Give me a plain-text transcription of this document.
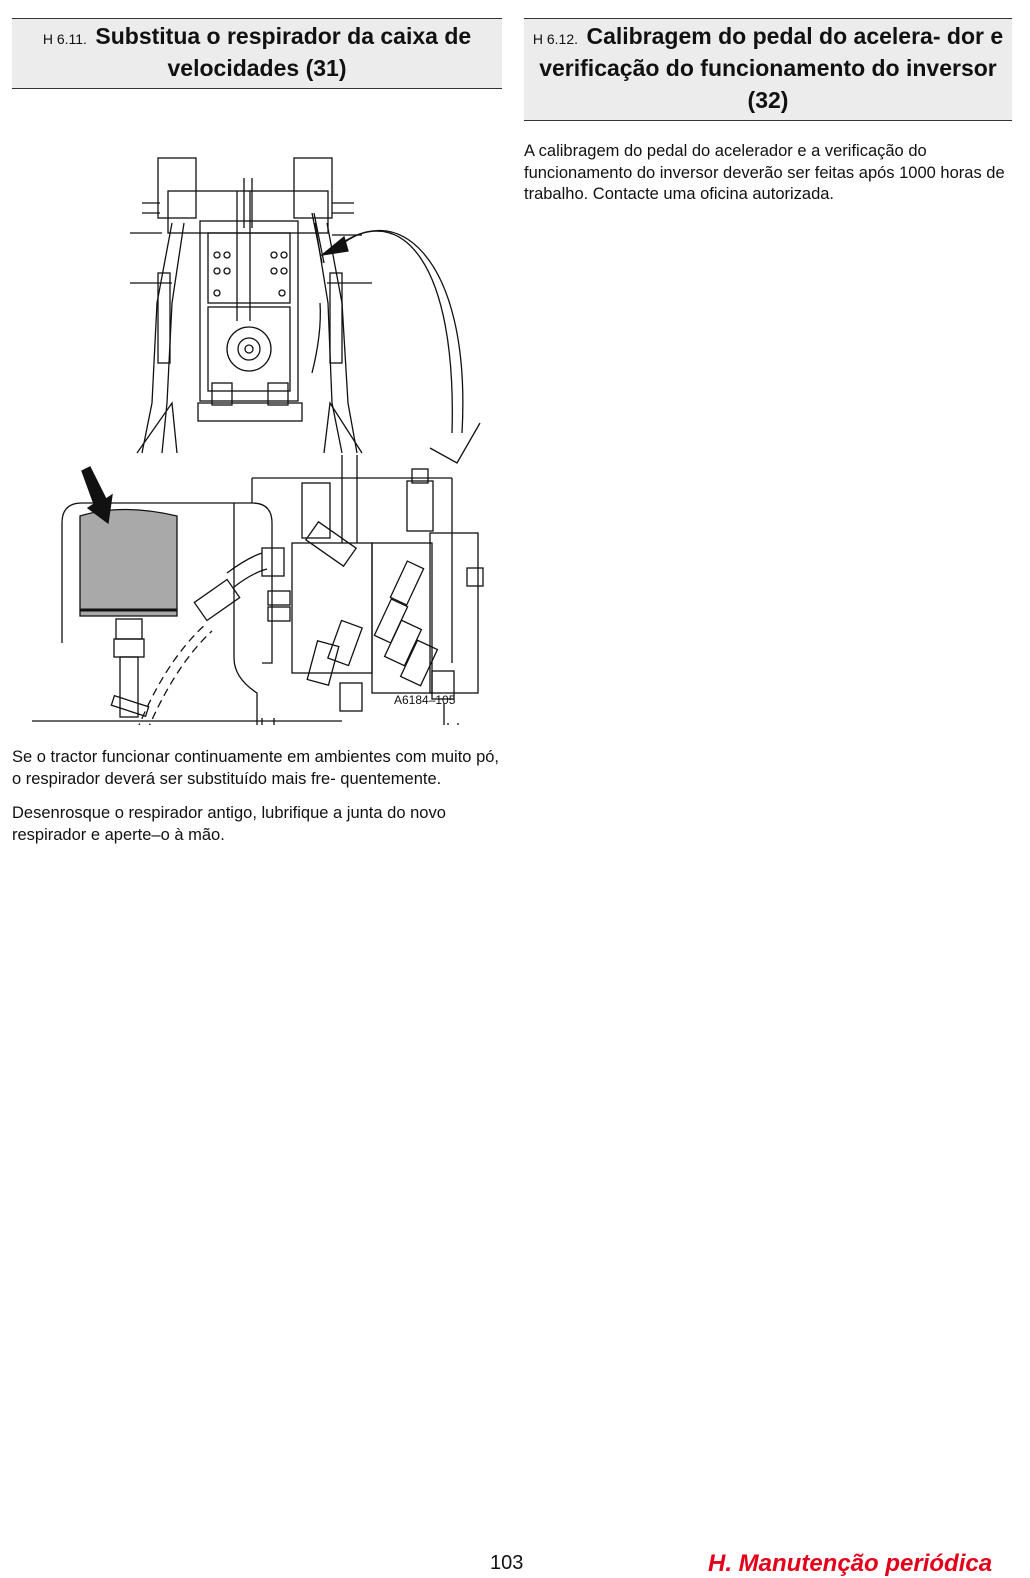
H 6.11. Substitua o respirador da caixa de velocidades (31)
A6184–105

Se o tractor funcionar continuamente em ambientes com muito pó, o respirador deverá ser substituído mais fre- quentemente.

Desenrosque o respirador antigo, lubrifique a junta do novo respirador e aperte–o à mão.

H 6.12. Calibragem do pedal do acelera- dor e verificação do funcionamento do inversor (32)

A calibragem do pedal do acelerador e a verificação do funcionamento do inversor deverão ser feitas após 1000 horas de trabalho. Contacte uma oficina autorizada.

103	H. Manutenção periódica
